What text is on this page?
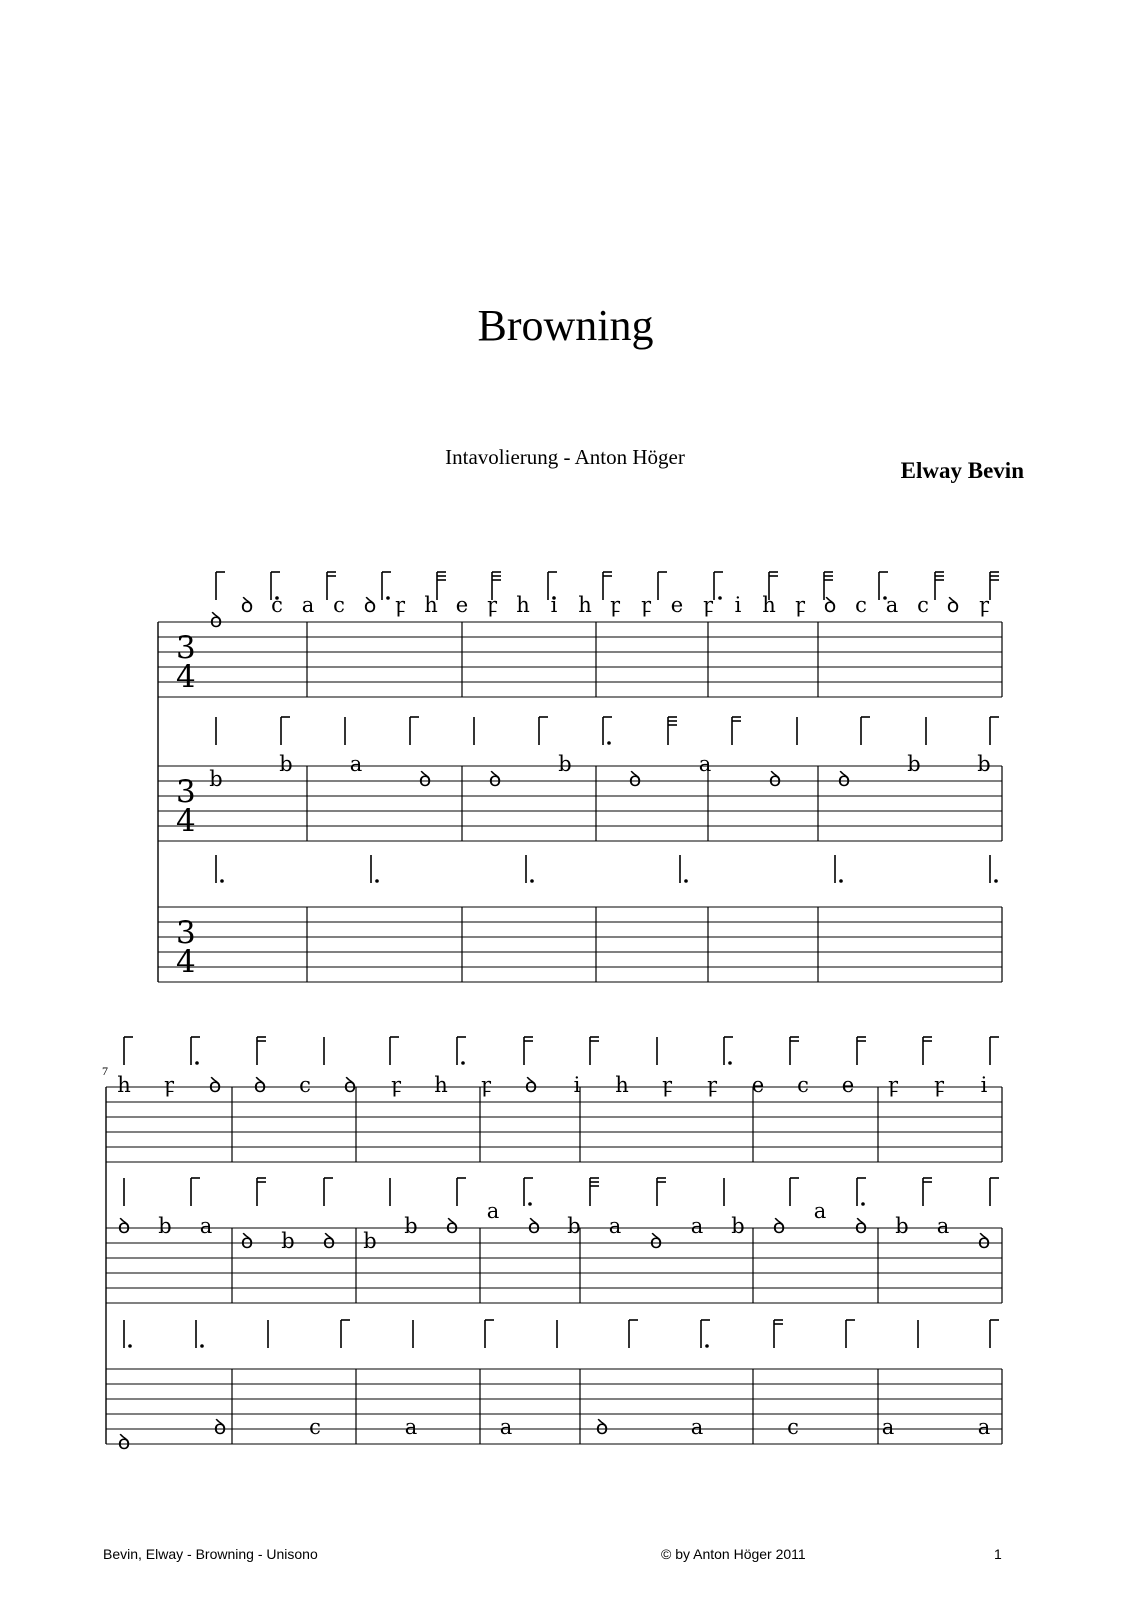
Browning
Intavolierung - Anton Höger
Elway Bevin
3
4
ꝺ
ꝺ c a c ꝺ ꝼ h e ꝼ h i h ꝼ ꝼ e ꝼ i h ꝼ ꝺ c a c ꝺ ꝼ
3
4
b
b	a
ꝺ	ꝺ
b
ꝺ
a
ꝺ	ꝺ
b	b
3
4
7
h ꝼ ꝺ ꝺ c ꝺ ꝼ h ꝼ ꝺ i h ꝼ ꝼ e c e ꝼ ꝼ i
ꝺ b a
ꝺ b ꝺ b
b ꝺ
a
ꝺ b a
ꝺ
a b ꝺ
a
ꝺ b a
ꝺ
ꝺ
ꝺ	c	a	a	ꝺ	a	c	a	a
Bevin, Elway - Browning - Unisono	© by Anton Höger 2011	1
